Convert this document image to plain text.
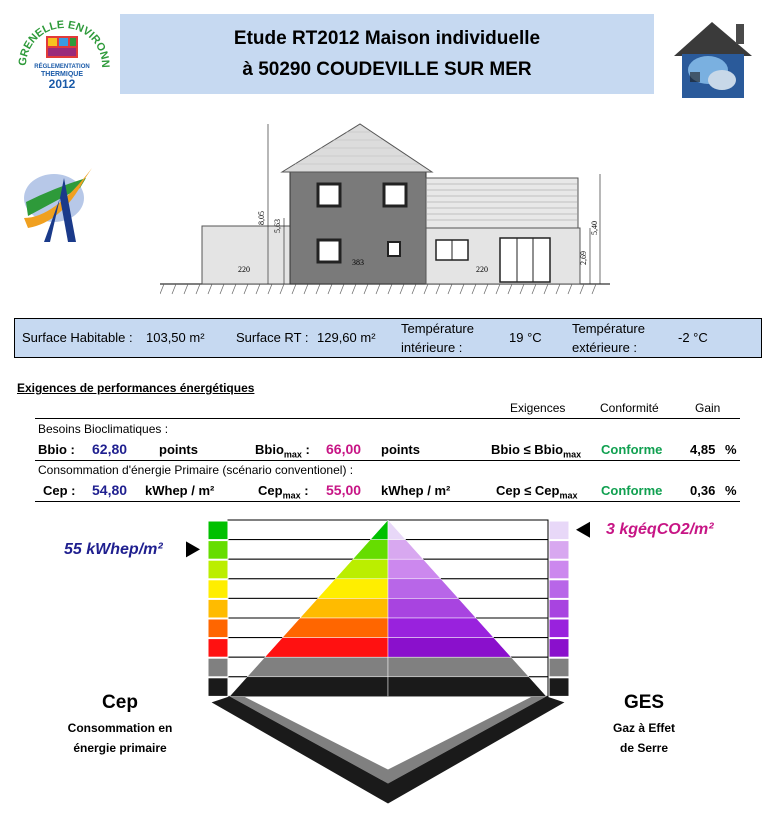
GRENELLE ENVIRONN
RÉGLEMENTATION
THERMIQUE
2012
Etude RT2012 Maison individuelle
à 50290 COUDEVILLE SUR MER
8,05
5,63	5,40
2,69
220
383
220
Surface Habitable : 103,50 m² Surface RT : 129,60 m²
Température
intérieure :
19 °C
Température
extérieure :
-2 °C
Exigences de performances énergétiques
Exigences	Conformité	Gain
Besoins Bioclimatiques :
Bbio : 62,80 points	Bbio$_{max}$ : 66,00 points	Bbio ≤ Bbio$_{max}$ Conforme 4,85 %
Consommation d'énergie Primaire (scénario conventionel) :
Cep : 54,80 kWhep / m²	Cep$_{max}$ : 55,00 kWhep / m²	Cep ≤ Cep$_{max}$ Conforme 0,36 %
55 kWhep/m²
3 kgéqCO2/m²
Cep
Consommation en
énergie primaire
GES
Gaz à Effet
de Serre
